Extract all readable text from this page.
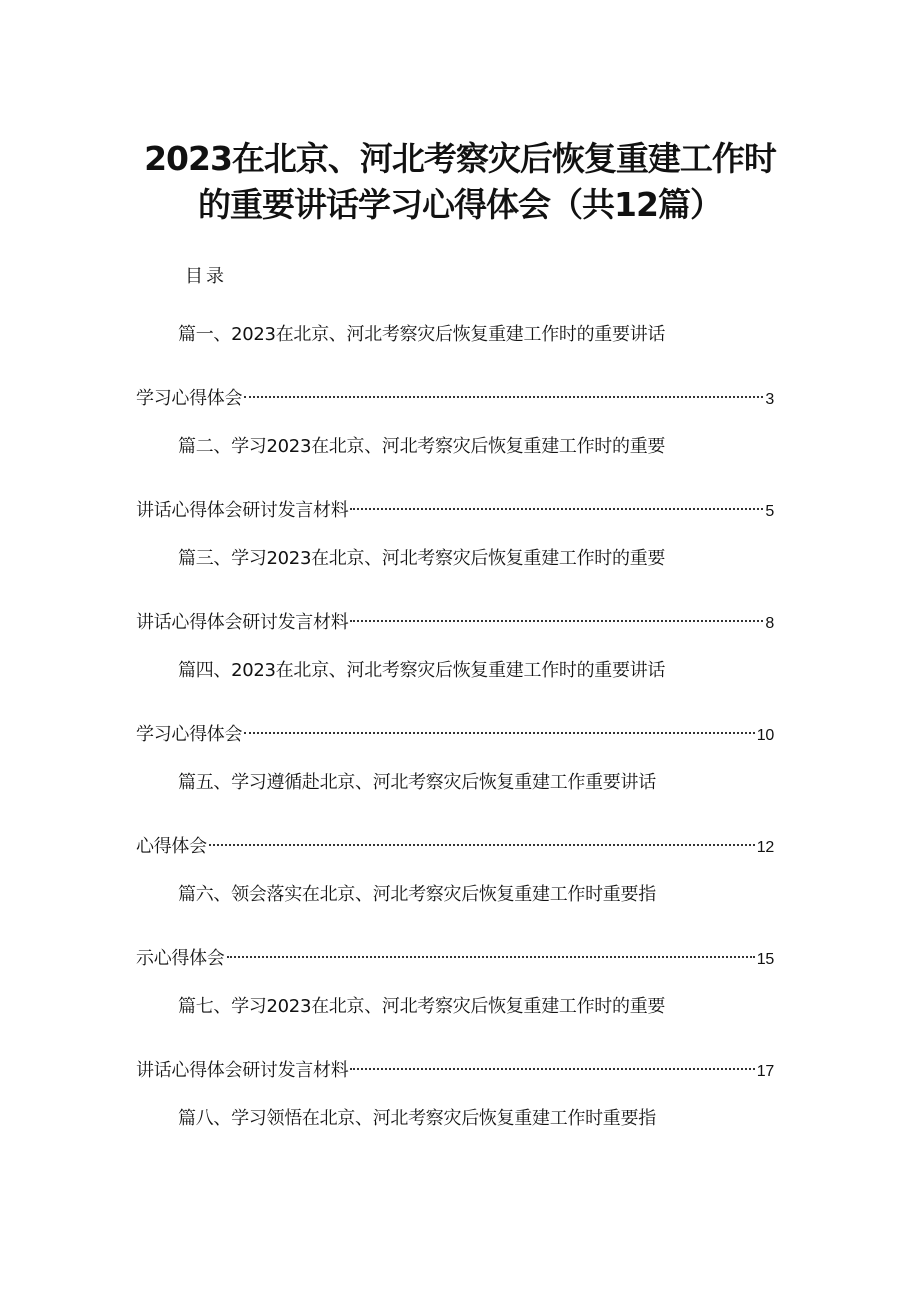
2023在北京、河北考察灾后恢复重建工作时
的重要讲话学习心得体会（共12篇）
目录
篇一、2023在北京、河北考察灾后恢复重建工作时的重要讲话
学习心得体会	3
篇二、学习2023在北京、河北考察灾后恢复重建工作时的重要
讲话心得体会研讨发言材料	5
篇三、学习2023在北京、河北考察灾后恢复重建工作时的重要
讲话心得体会研讨发言材料	8
篇四、2023在北京、河北考察灾后恢复重建工作时的重要讲话
学习心得体会	10
篇五、学习遵循赴北京、河北考察灾后恢复重建工作重要讲话
心得体会	12
篇六、领会落实在北京、河北考察灾后恢复重建工作时重要指
示心得体会	15
篇七、学习2023在北京、河北考察灾后恢复重建工作时的重要
讲话心得体会研讨发言材料	17
篇八、学习领悟在北京、河北考察灾后恢复重建工作时重要指
